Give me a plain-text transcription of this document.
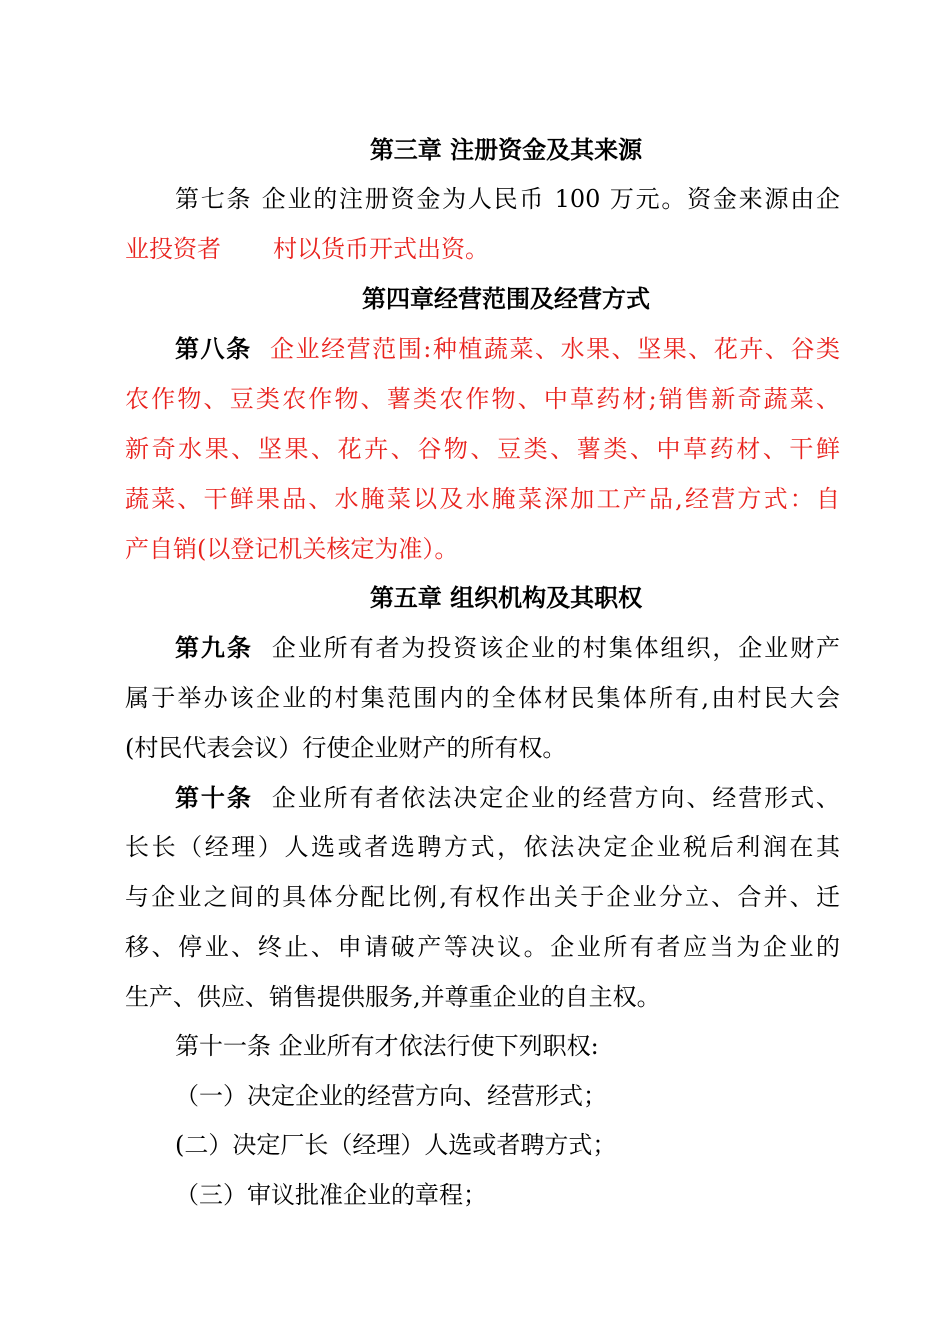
第三章 注册资金及其来源
第七条 企业的注册资金为人民币 100 万元。资金来源由企
业投资者 村以货币开式出资。
第四章经营范围及经营方式
第八条 企业经营范围:种植蔬菜、水果、坚果、花卉、谷类
农作物、豆类农作物、薯类农作物、中草药材;销售新奇蔬菜、
新奇水果、坚果、花卉、谷物、豆类、薯类、中草药材、干鲜
蔬菜、干鲜果品、水腌菜以及水腌菜深加工产品,经营方式：自
产自销(以登记机关核定为准）。
第五章 组织机构及其职权
第九条 企业所有者为投资该企业的村集体组织，企业财产
属于举办该企业的村集范围内的全体材民集体所有,由村民大会
(村民代表会议）行使企业财产的所有权。
第十条 企业所有者依法决定企业的经营方向、经营形式、
长长（经理）人选或者选聘方式，依法决定企业税后利润在其
与企业之间的具体分配比例,有权作出关于企业分立、合并、迁
移、停业、终止、申请破产等决议。企业所有者应当为企业的
生产、供应、销售提供服务,并尊重企业的自主权。
第十一条 企业所有才依法行使下列职权:
（一）决定企业的经营方向、经营形式；
(二）决定厂长（经理）人选或者聘方式；
（三）审议批准企业的章程；
